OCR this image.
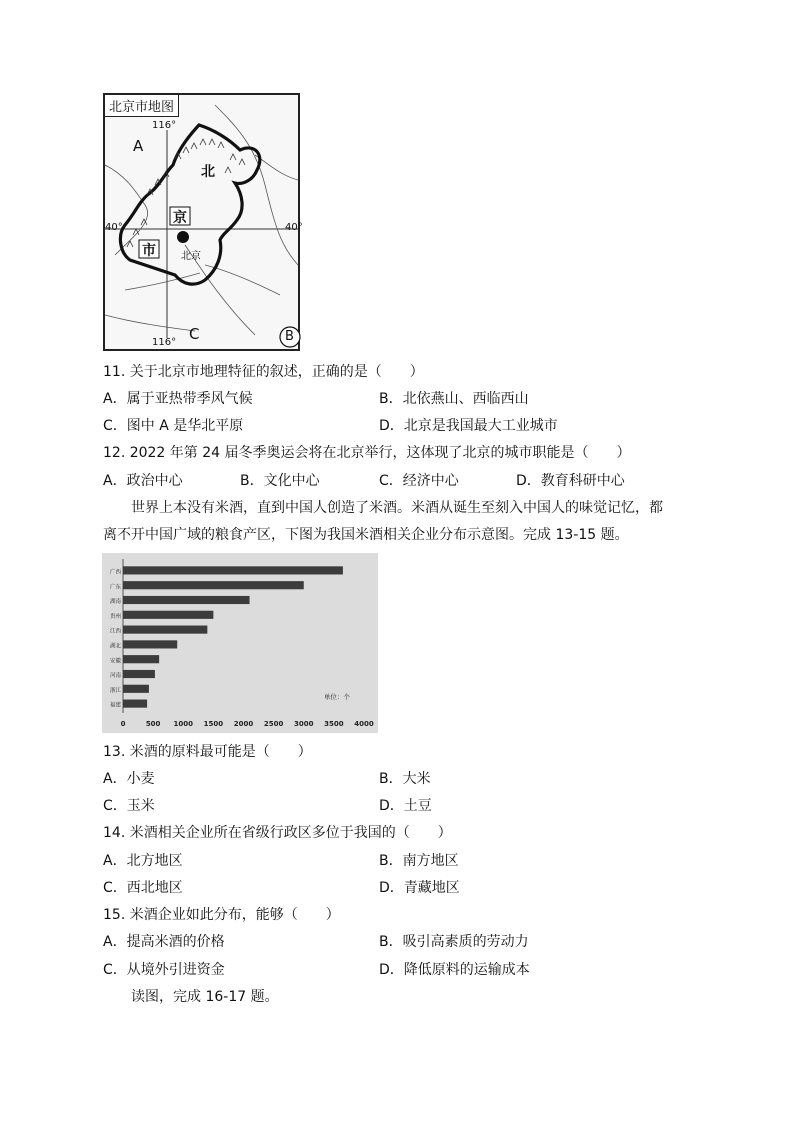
北京市地图
116°
116°
40°	40°
A
C	B
北
京
市	北京
11. 关于北京市地理特征的叙述，正确的是（　　）
A．属于亚热带季风气候	B．北依燕山、西临西山
C．图中 A 是华北平原	D．北京是我国最大工业城市
12. 2022 年第 24 届冬季奥运会将在北京举行，这体现了北京的城市职能是（　　）
A．政治中心	B．文化中心	C．经济中心	D．教育科研中心
世界上本没有米酒，直到中国人创造了米酒。米酒从诞生至刻入中国人的味觉记忆，都
离不开中国广域的粮食产区，下图为我国米酒相关企业分布示意图。完成 13-15 题。
广西
广东
湖南
贵州
江西
湖北
安徽
河南
浙江
福建
0	500 1000 1500 2000 2500 3000 3500 4000
单位：个
13. 米酒的原料最可能是（　　）
A．小麦	B．大米
C．玉米	D．土豆
14. 米酒相关企业所在省级行政区多位于我国的（　　）
A．北方地区	B．南方地区
C．西北地区	D．青藏地区
15. 米酒企业如此分布，能够（　　）
A．提高米酒的价格	B．吸引高素质的劳动力
C．从境外引进资金	D．降低原料的运输成本
读图，完成 16-17 题。
